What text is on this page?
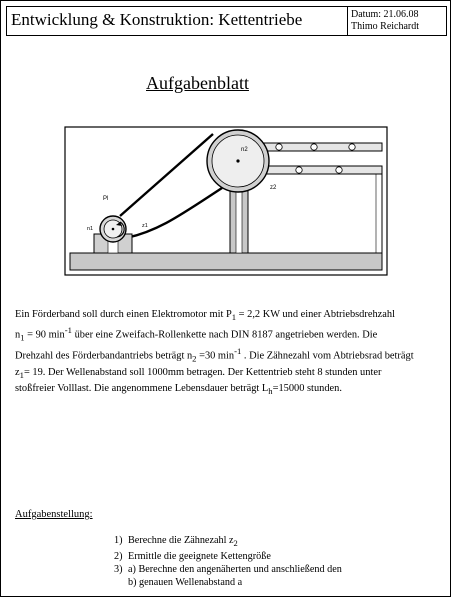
Entwicklung & Konstruktion: Kettentriebe	Datum: 21.06.08
Thimo Reichardt
Aufgabenblatt
Pl
n1	z1
n2
z2
Ein Förderband soll durch einen Elektromotor mit $P_1 = 2,2$ KW und einer Abtriebsdrehzahl
$n_1 = 90$ $\min^{-1}$ über eine Zweifach-Rollenkette nach DIN 8187 angetrieben werden. Die
Drehzahl des Förderbandantriebs beträgt $n_2 =30$ $\min^{-1}$ . Die Zähnezahl vom Abtriebsrad beträgt
$z_1= 19$. Der Wellenabstand soll 1000mm betragen. Der Kettentrieb steht 8 stunden unter
stoßfreier Volllast. Die angenommene Lebensdauer beträgt $L_h=15000$ stunden.
Aufgabenstellung:
1) Berechne die Zähnezahl $z_2$
2) Ermittle die geeignete Kettengröße
3) a) Berechne den angenäherten und anschließend den
b) genauen Wellenabstand a
